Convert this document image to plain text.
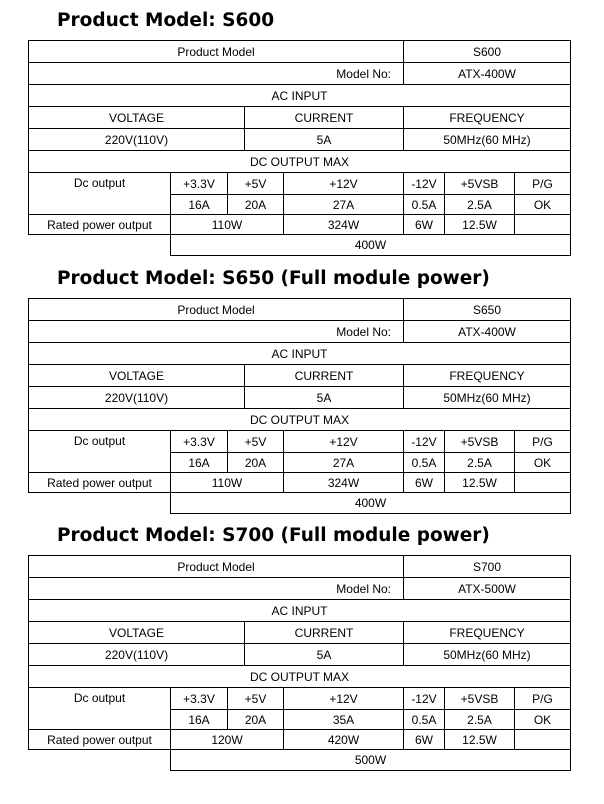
Product Model: S600
Product Model	S600
Model No:	ATX-400W
AC INPUT
VOLTAGE	CURRENT	FREQUENCY
220V(110V)	5A	50MHz(60 MHz)
DC OUTPUT MAX
Dc output	+3.3V	+5V	+12V	-12V	+5VSB	P/G
16A	20A	27A	0.5A	2.5A	OK
Rated power output	110W	324W	6W	12.5W
400W
Product Model: S650 (Full module power)
Product Model	S650
Model No:	ATX-400W
AC INPUT
VOLTAGE	CURRENT	FREQUENCY
220V(110V)	5A	50MHz(60 MHz)
DC OUTPUT MAX
Dc output	+3.3V	+5V	+12V	-12V	+5VSB	P/G
16A	20A	27A	0.5A	2.5A	OK
Rated power output	110W	324W	6W	12.5W
400W
Product Model: S700 (Full module power)
Product Model	S700
Model No:	ATX-500W
AC INPUT
VOLTAGE	CURRENT	FREQUENCY
220V(110V)	5A	50MHz(60 MHz)
DC OUTPUT MAX
Dc output	+3.3V	+5V	+12V	-12V	+5VSB	P/G
16A	20A	35A	0.5A	2.5A	OK
Rated power output	120W	420W	6W	12.5W
500W
